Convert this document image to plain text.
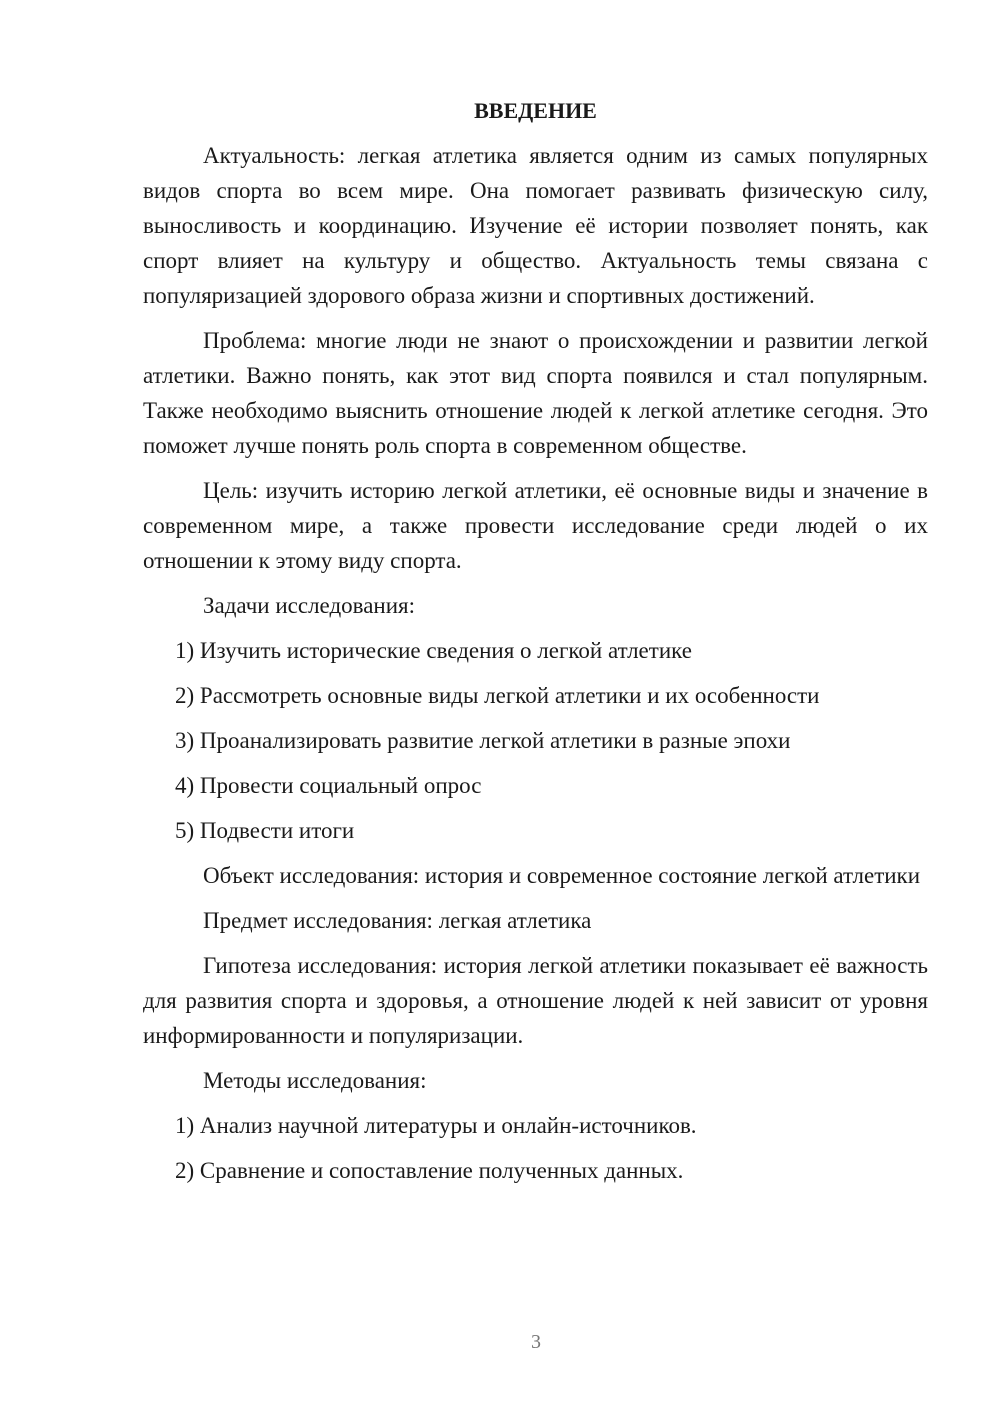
ВВЕДЕНИЕ

Актуальность: легкая атлетика является одним из самых популярных видов спорта во всем мире. Она помогает развивать физическую силу, выносливость и координацию. Изучение её истории позволяет понять, как спорт влияет на культуру и общество. Актуальность темы связана с популяризацией здорового образа жизни и спортивных достижений.

Проблема: многие люди не знают о происхождении и развитии легкой атлетики. Важно понять, как этот вид спорта появился и стал популярным. Также необходимо выяснить отношение людей к легкой атлетике сегодня. Это поможет лучше понять роль спорта в современном обществе.

Цель: изучить историю легкой атлетики, её основные виды и значение в современном мире, а также провести исследование среди людей о их отношении к этому виду спорта.

Задачи исследования:

1) Изучить исторические сведения о легкой атлетике

2) Рассмотреть основные виды легкой атлетики и их особенности

3) Проанализировать развитие легкой атлетики в разные эпохи

4) Провести социальный опрос

5) Подвести итоги

Объект исследования: история и современное состояние легкой атлетики

Предмет исследования: легкая атлетика

Гипотеза исследования: история легкой атлетики показывает её важность для развития спорта и здоровья, а отношение людей к ней зависит от уровня информированности и популяризации.

Методы исследования:

1) Анализ научной литературы и онлайн-источников.

2) Сравнение и сопоставление полученных данных.

3
